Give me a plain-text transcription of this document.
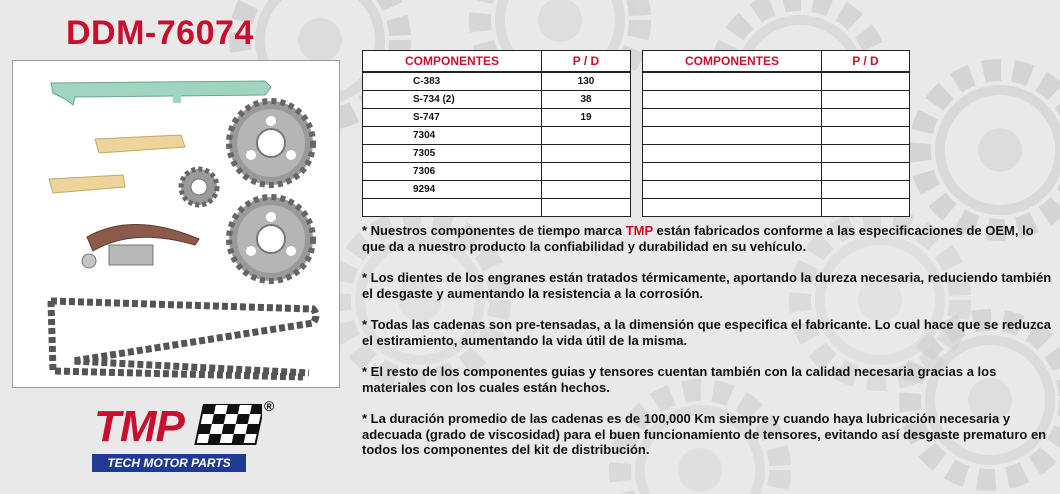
DDM-76074
COMPONENTES	P / D
C-383	130
S-734 (2)	38
S-747	19
7304	
7305	
7306	
9294	

COMPONENTES	P / D

* Nuestros componentes de tiempo marca TMP están fabricados conforme a las especificaciones de OEM, lo que da a nuestro producto la confiabilidad y durabilidad en su vehículo.

* Los dientes de los engranes están tratados térmicamente, aportando la dureza necesaria, reduciendo también el desgaste y aumentando la resistencia a la corrosión.

* Todas las cadenas son pre-tensadas, a la dimensión que especifica el fabricante. Lo cual hace que se reduzca el estiramiento, aumentando la vida útil de la misma.

* El resto de los componentes guias y tensores cuentan también con la calidad necesaria gracias a los materiales con los cuales están hechos.

* La duración promedio de las cadenas es de 100,000 Km siempre y cuando haya lubricación necesaria y adecuada (grado de viscosidad) para el buen funcionamiento de tensores, evitando así desgaste prematuro en todos los componentes del kit de distribución.

TMP	®
TECH MOTOR PARTS
